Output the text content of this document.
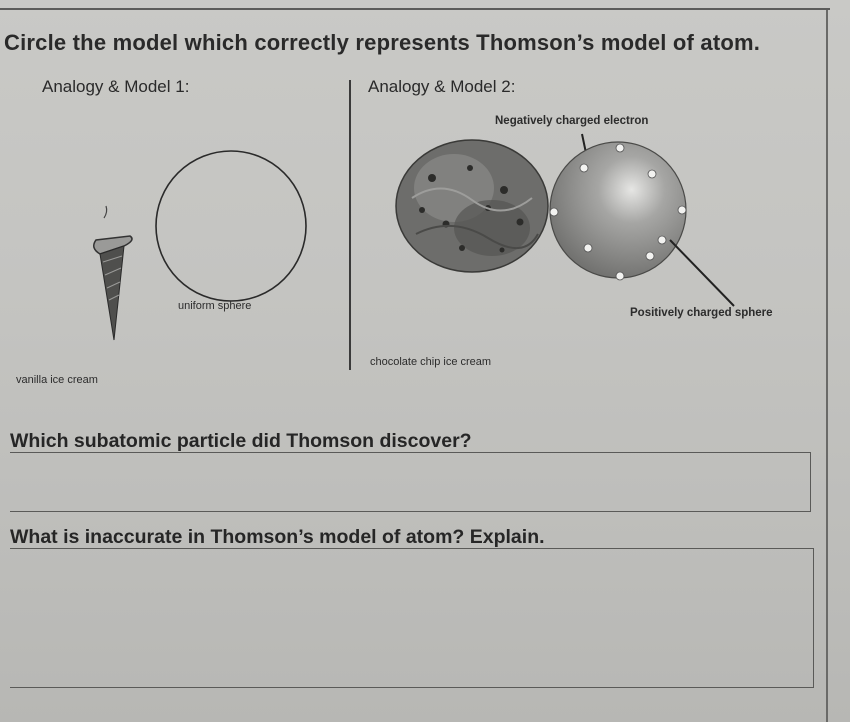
Circle the model which correctly represents Thomson’s model of atom.
Analogy & Model 1:
uniform sphere
vanilla ice cream
Analogy & Model 2:
Negatively charged electron
Positively charged sphere
chocolate chip ice cream
Which subatomic particle did Thomson discover?
What is inaccurate in Thomson’s model of atom? Explain.
